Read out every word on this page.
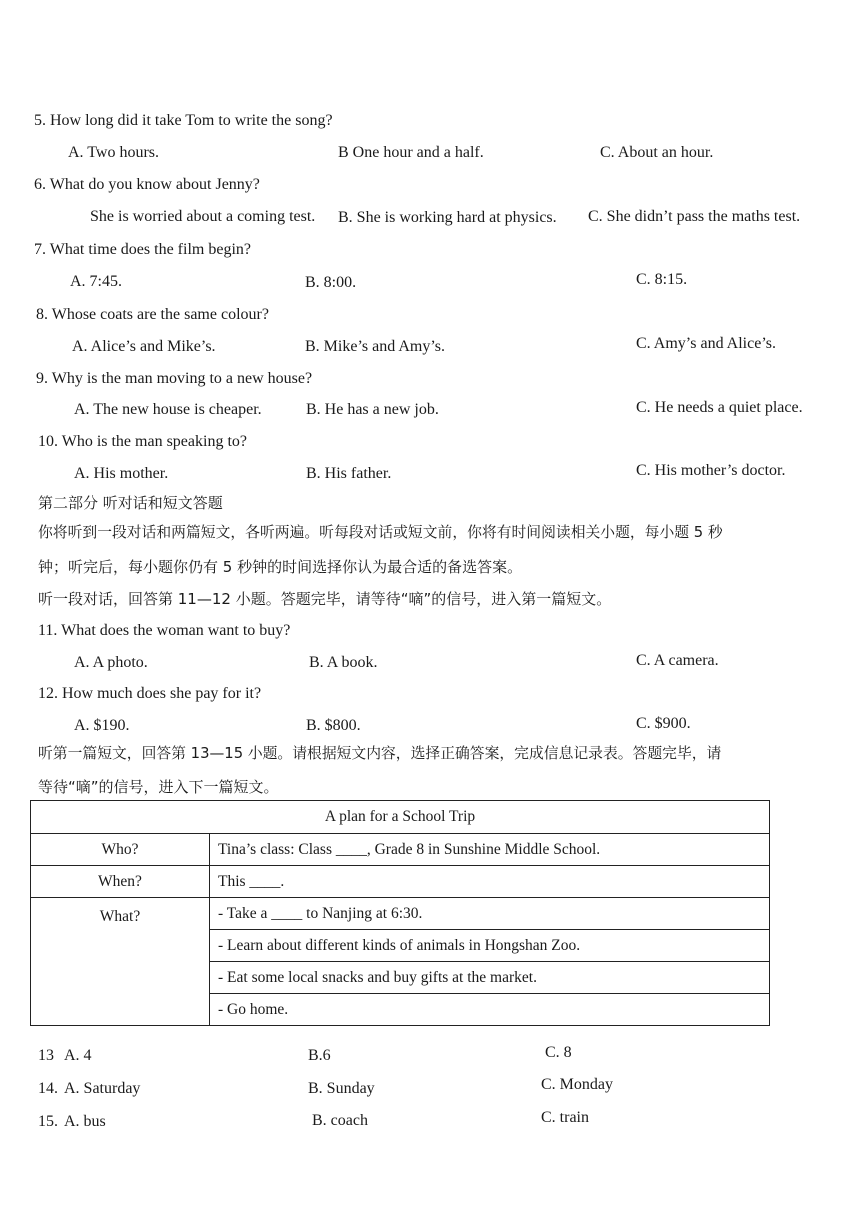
5. How long did it take Tom to write the song?
A. Two hours.	B One hour and a half.	C. About an hour.
6. What do you know about Jenny?
She is worried about a coming test. B. She is working hard at physics. C. She didn’t pass the maths test.
7. What time does the film begin?
A. 7:45.	B. 8:00.	C. 8:15.
8. Whose coats are the same colour?
A. Alice’s and Mike’s.	B. Mike’s and Amy’s.	C. Amy’s and Alice’s.
9. Why is the man moving to a new house?
A. The new house is cheaper.	B. He has a new job.	C. He needs a quiet place.
10. Who is the man speaking to?
A. His mother.	B. His father.	C. His mother’s doctor.
第二部分 听对话和短文答题
你将听到一段对话和两篇短文，各听两遍。听每段对话或短文前，你将有时间阅读相关小题，每小题 5 秒
钟；听完后，每小题你仍有 5 秒钟的时间选择你认为最合适的备选答案。
听一段对话，回答第 11—12 小题。答题完毕，请等待“嘀”的信号，进入第一篇短文。
11. What does the woman want to buy?
A. A photo.	B. A book.	C. A camera.
12. How much does she pay for it?
A. $190.	B. $800.	C. $900.
听第一篇短文，回答第 13—15 小题。请根据短文内容，选择正确答案，完成信息记录表。答题完毕，请
等待“嘀”的信号，进入下一篇短文。
A plan for a School Trip	
Who?	Tina’s class: Class ____, Grade 8 in Sunshine Middle School.
When?	This ____.
What?	- Take a ____ to Nanjing at 6:30.
	- Learn about different kinds of animals in Hongshan Zoo.
	- Eat some local snacks and buy gifts at the market.
	- Go home.
13 A. 4	B.6	C. 8
14. A. Saturday	B. Sunday	C. Monday
15. A. bus	B. coach	C. train
